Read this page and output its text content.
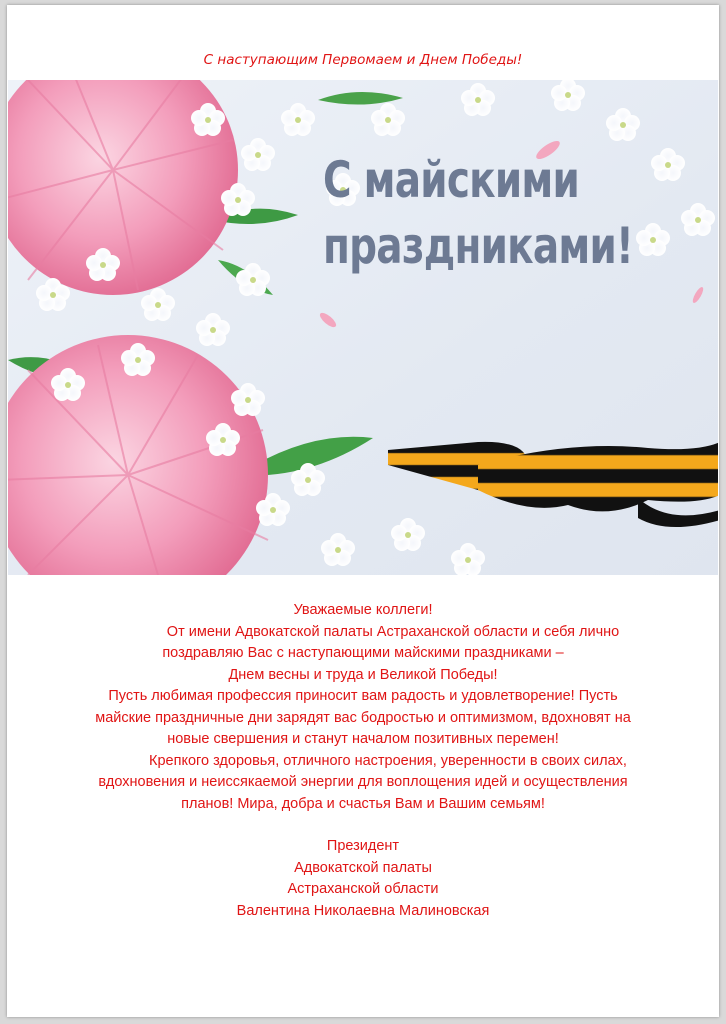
С наступающим Первомаем и Днем Победы!
С майскими
праздниками!

Уважаемые коллеги!

От имени Адвокатской палаты Астраханской области и себя лично

поздравляю Вас с наступающими майскими праздниками –

Днем весны и труда и Великой Победы!

Пусть любимая профессия приносит вам радость и удовлетворение! Пусть

майские праздничные дни зарядят вас бодростью и оптимизмом, вдохновят на

новые свершения и станут началом позитивных перемен!

Крепкого здоровья, отличного настроения, уверенности в своих силах,

вдохновения и неиссякаемой энергии для воплощения идей и осуществления

планов! Мира, добра и счастья Вам и Вашим семьям!

Президент

Адвокатской палаты

Астраханской области

Валентина Николаевна Малиновская
